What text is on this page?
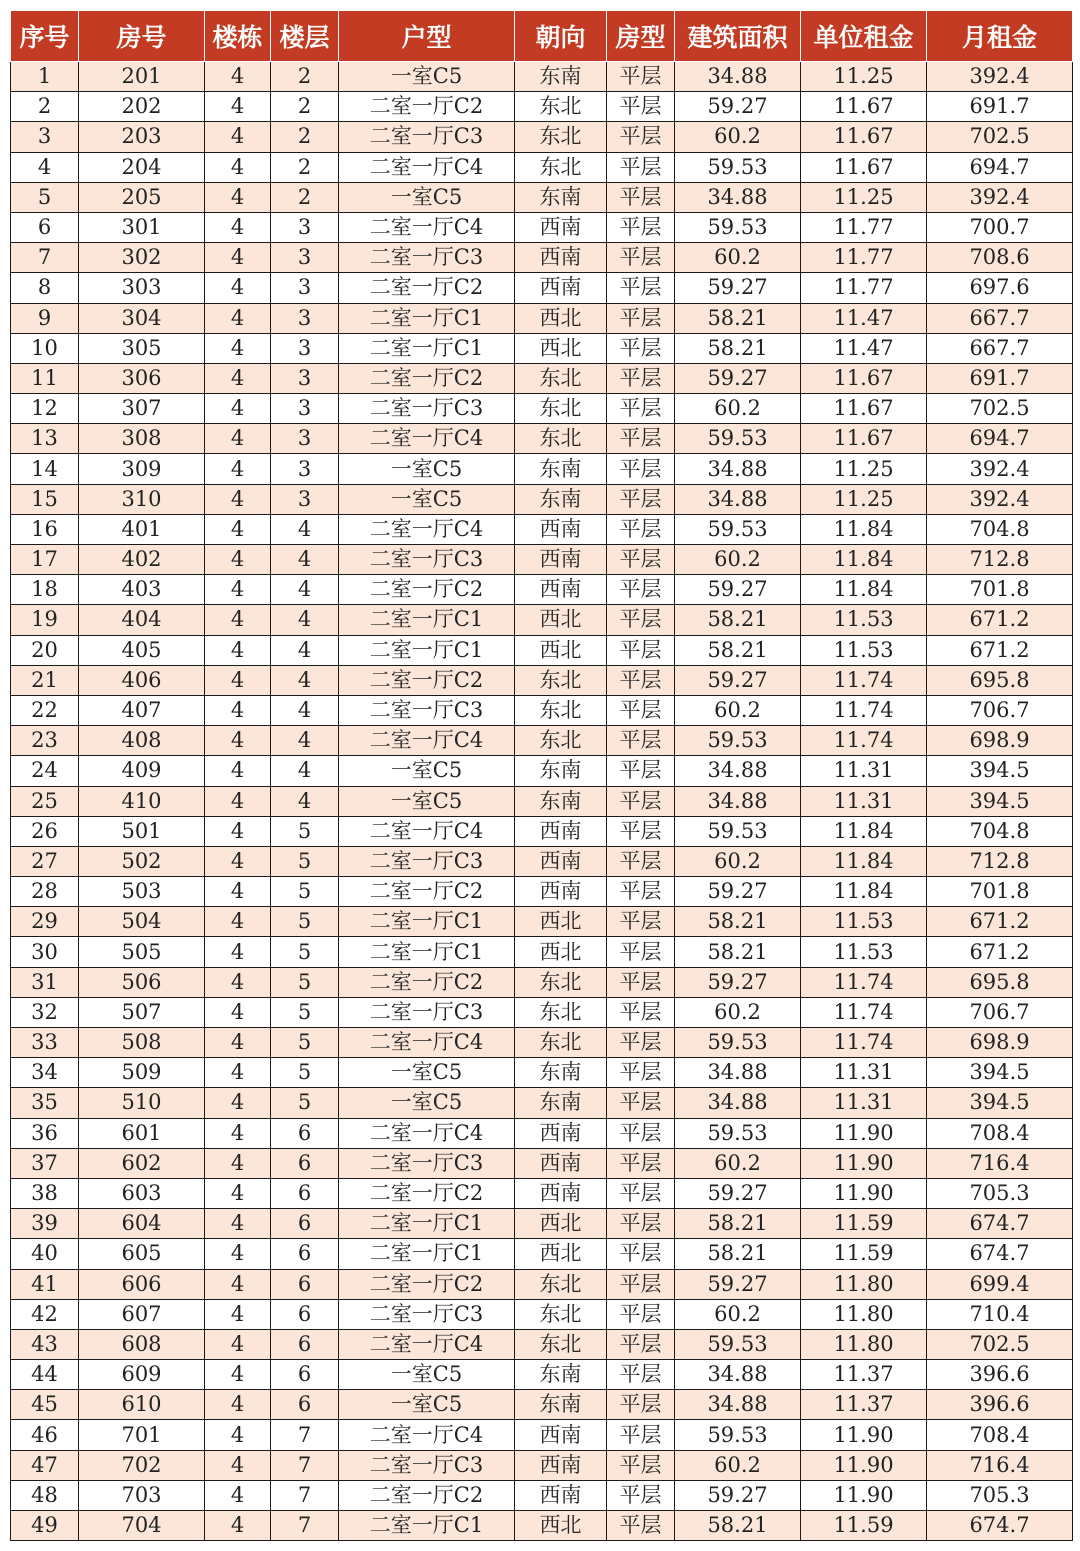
序号	房号	楼栋	楼层	户型	朝向	房型	建筑面积	单位租金	月租金
1	201	4	2	一室C5	东南	平层	34.88	11.25	392.4
2	202	4	2	二室一厅C2	东北	平层	59.27	11.67	691.7
3	203	4	2	二室一厅C3	东北	平层	60.2	11.67	702.5
4	204	4	2	二室一厅C4	东北	平层	59.53	11.67	694.7
5	205	4	2	一室C5	东南	平层	34.88	11.25	392.4
6	301	4	3	二室一厅C4	西南	平层	59.53	11.77	700.7
7	302	4	3	二室一厅C3	西南	平层	60.2	11.77	708.6
8	303	4	3	二室一厅C2	西南	平层	59.27	11.77	697.6
9	304	4	3	二室一厅C1	西北	平层	58.21	11.47	667.7
10	305	4	3	二室一厅C1	西北	平层	58.21	11.47	667.7
11	306	4	3	二室一厅C2	东北	平层	59.27	11.67	691.7
12	307	4	3	二室一厅C3	东北	平层	60.2	11.67	702.5
13	308	4	3	二室一厅C4	东北	平层	59.53	11.67	694.7
14	309	4	3	一室C5	东南	平层	34.88	11.25	392.4
15	310	4	3	一室C5	东南	平层	34.88	11.25	392.4
16	401	4	4	二室一厅C4	西南	平层	59.53	11.84	704.8
17	402	4	4	二室一厅C3	西南	平层	60.2	11.84	712.8
18	403	4	4	二室一厅C2	西南	平层	59.27	11.84	701.8
19	404	4	4	二室一厅C1	西北	平层	58.21	11.53	671.2
20	405	4	4	二室一厅C1	西北	平层	58.21	11.53	671.2
21	406	4	4	二室一厅C2	东北	平层	59.27	11.74	695.8
22	407	4	4	二室一厅C3	东北	平层	60.2	11.74	706.7
23	408	4	4	二室一厅C4	东北	平层	59.53	11.74	698.9
24	409	4	4	一室C5	东南	平层	34.88	11.31	394.5
25	410	4	4	一室C5	东南	平层	34.88	11.31	394.5
26	501	4	5	二室一厅C4	西南	平层	59.53	11.84	704.8
27	502	4	5	二室一厅C3	西南	平层	60.2	11.84	712.8
28	503	4	5	二室一厅C2	西南	平层	59.27	11.84	701.8
29	504	4	5	二室一厅C1	西北	平层	58.21	11.53	671.2
30	505	4	5	二室一厅C1	西北	平层	58.21	11.53	671.2
31	506	4	5	二室一厅C2	东北	平层	59.27	11.74	695.8
32	507	4	5	二室一厅C3	东北	平层	60.2	11.74	706.7
33	508	4	5	二室一厅C4	东北	平层	59.53	11.74	698.9
34	509	4	5	一室C5	东南	平层	34.88	11.31	394.5
35	510	4	5	一室C5	东南	平层	34.88	11.31	394.5
36	601	4	6	二室一厅C4	西南	平层	59.53	11.90	708.4
37	602	4	6	二室一厅C3	西南	平层	60.2	11.90	716.4
38	603	4	6	二室一厅C2	西南	平层	59.27	11.90	705.3
39	604	4	6	二室一厅C1	西北	平层	58.21	11.59	674.7
40	605	4	6	二室一厅C1	西北	平层	58.21	11.59	674.7
41	606	4	6	二室一厅C2	东北	平层	59.27	11.80	699.4
42	607	4	6	二室一厅C3	东北	平层	60.2	11.80	710.4
43	608	4	6	二室一厅C4	东北	平层	59.53	11.80	702.5
44	609	4	6	一室C5	东南	平层	34.88	11.37	396.6
45	610	4	6	一室C5	东南	平层	34.88	11.37	396.6
46	701	4	7	二室一厅C4	西南	平层	59.53	11.90	708.4
47	702	4	7	二室一厅C3	西南	平层	60.2	11.90	716.4
48	703	4	7	二室一厅C2	西南	平层	59.27	11.90	705.3
49	704	4	7	二室一厅C1	西北	平层	58.21	11.59	674.7
